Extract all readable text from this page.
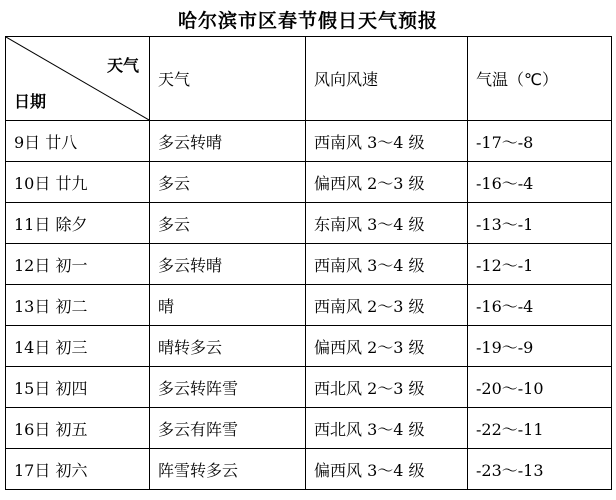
哈尔滨市区春节假日天气预报
天气
日期	天气	风向风速	气温（℃）
9日 廿八	多云转晴	西南风 3～4 级	-17～-8
10日 廿九	多云	偏西风 2～3 级	-16～-4
11日 除夕	多云	东南风 3～4 级	-13～-1
12日 初一	多云转晴	西南风 3～4 级	-12～-1
13日 初二	晴	西南风 2～3 级	-16～-4
14日 初三	晴转多云	偏西风 2～3 级	-19～-9
15日 初四	多云转阵雪	西北风 2～3 级	-20～-10
16日 初五	多云有阵雪	西北风 3～4 级	-22～-11
17日 初六	阵雪转多云	偏西风 3～4 级	-23～-13
